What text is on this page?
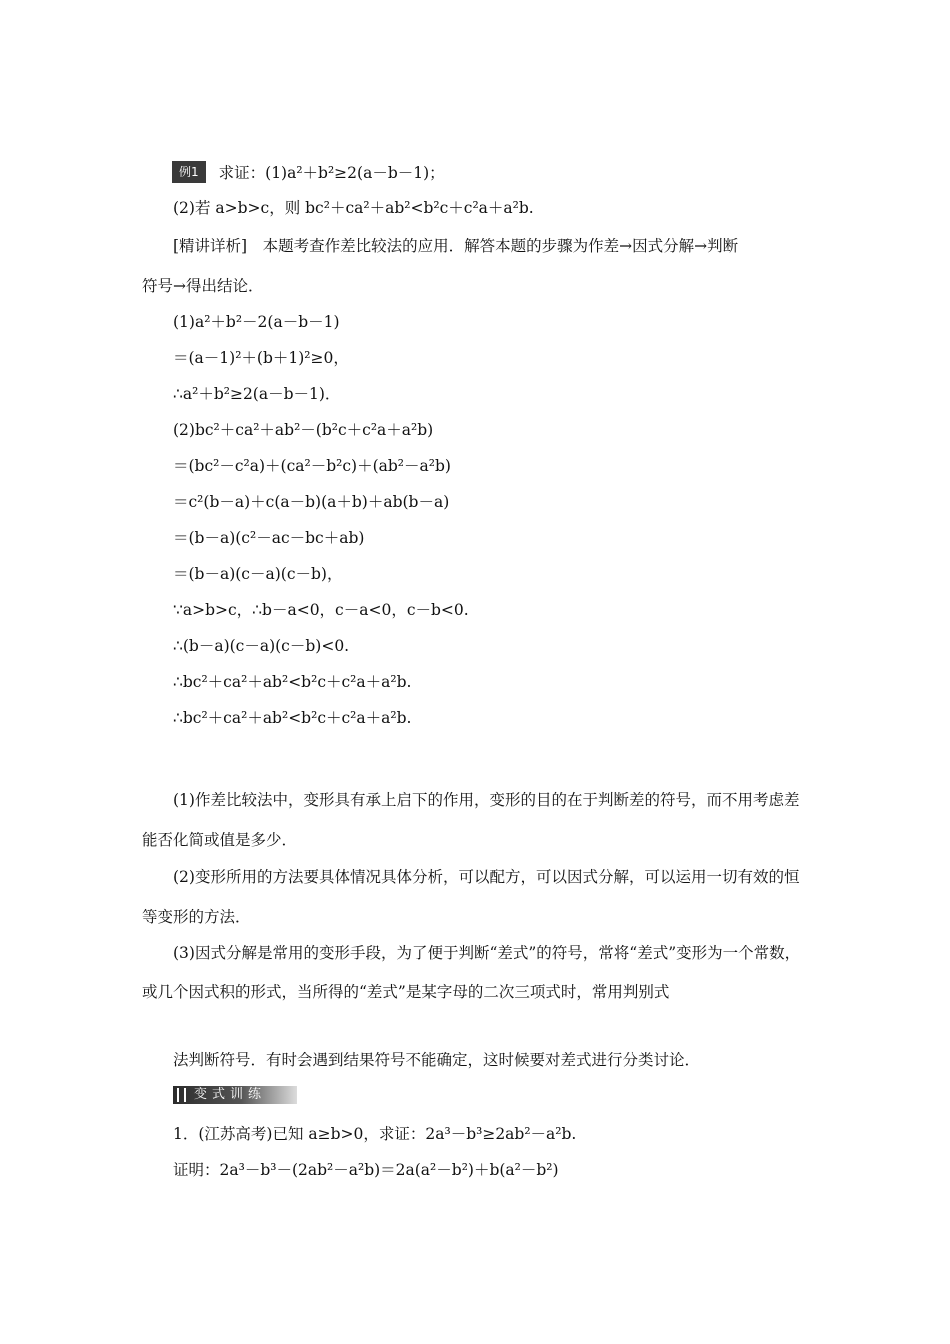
例1 求证：(1)a²＋b²≥2(a－b－1)；
(2)若 a>b>c，则 bc²＋ca²＋ab²<b²c＋c²a＋a²b.
[精讲详析]　本题考查作差比较法的应用．解答本题的步骤为作差→因式分解→判断
符号→得出结论．
(1)a²＋b²－2(a－b－1)
＝(a－1)²＋(b＋1)²≥0，
∴a²＋b²≥2(a－b－1)．
(2)bc²＋ca²＋ab²－(b²c＋c²a＋a²b)
＝(bc²－c²a)＋(ca²－b²c)＋(ab²－a²b)
＝c²(b－a)＋c(a－b)(a＋b)＋ab(b－a)
＝(b－a)(c²－ac－bc＋ab)
＝(b－a)(c－a)(c－b)，
∵a>b>c，∴b－a<0，c－a<0，c－b<0.
∴(b－a)(c－a)(c－b)<0.
∴bc²＋ca²＋ab²<b²c＋c²a＋a²b.
∴bc²＋ca²＋ab²<b²c＋c²a＋a²b.
(1)作差比较法中，变形具有承上启下的作用，变形的目的在于判断差的符号，而不用考虑差能否化简或值是多少．
(2)变形所用的方法要具体情况具体分析，可以配方，可以因式分解，可以运用一切有效的恒等变形的方法．
(3)因式分解是常用的变形手段，为了便于判断“差式”的符号，常将“差式”变形为一个常数，或几个因式积的形式，当所得的“差式”是某字母的二次三项式时，常用判别式
法判断符号．有时会遇到结果符号不能确定，这时候要对差式进行分类讨论．
变式训练
1．(江苏高考)已知 a≥b>0，求证：2a³－b³≥2ab²－a²b.
证明：2a³－b³－(2ab²－a²b)＝2a(a²－b²)＋b(a²－b²)
